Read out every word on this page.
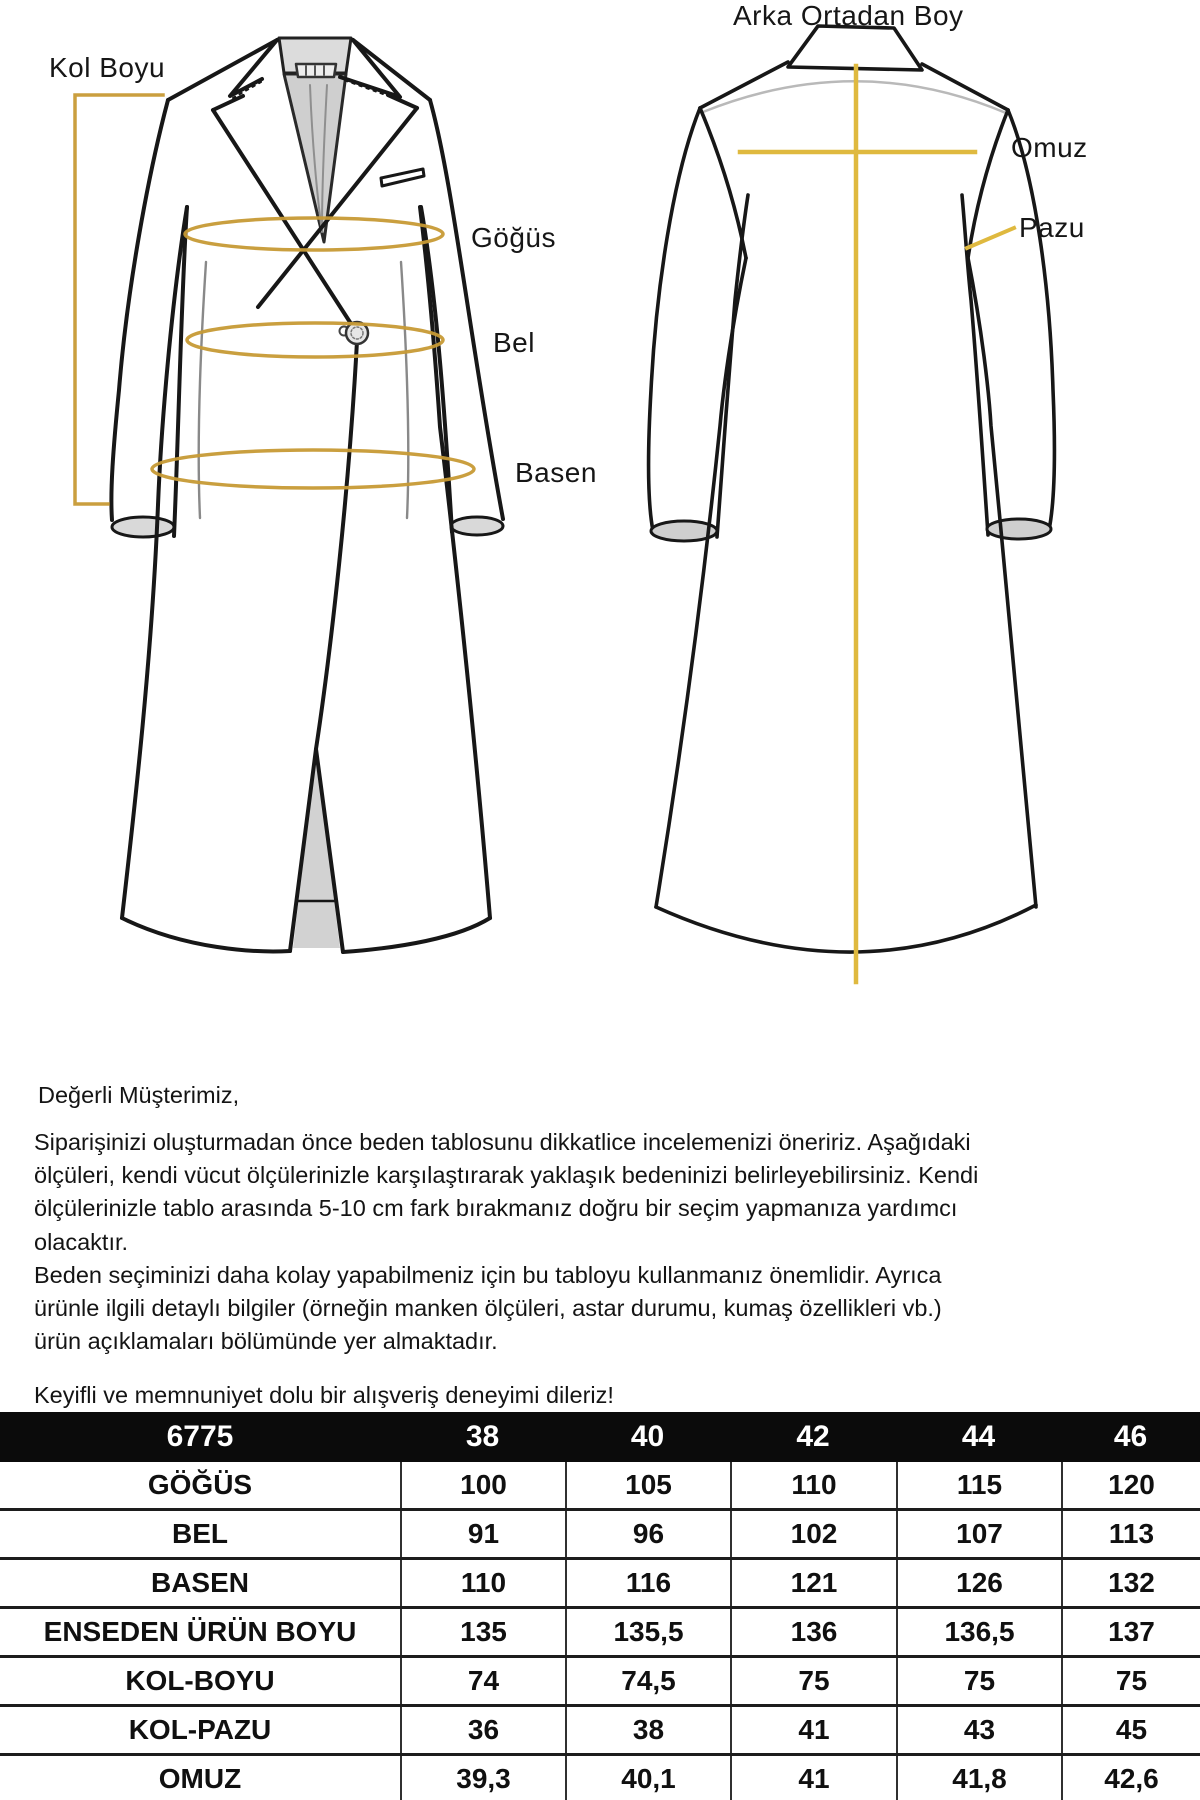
Kol Boyu
Arka Ortadan Boy
Göğüs
Bel
Basen
Omuz
Pazu
Değerli Müşterimiz,
Siparişinizi oluşturmadan önce beden tablosunu dikkatlice incelemenizi öneririz. Aşağıdaki
ölçüleri, kendi vücut ölçülerinizle karşılaştırarak yaklaşık bedeninizi belirleyebilirsiniz. Kendi
ölçülerinizle tablo arasında 5-10 cm fark bırakmanız doğru bir seçim yapmanıza yardımcı
olacaktır.
Beden seçiminizi daha kolay yapabilmeniz için bu tabloyu kullanmanız önemlidir. Ayrıca
ürünle ilgili detaylı bilgiler (örneğin manken ölçüleri, astar durumu, kumaş özellikleri vb.)
ürün açıklamaları bölümünde yer almaktadır.
Keyifli ve memnuniyet dolu bir alışveriş deneyimi dileriz!
6775	38	40	42	44	46
GÖĞÜS	100	105	110	115	120
BEL	91	96	102	107	113
BASEN	110	116	121	126	132
ENSEDEN ÜRÜN BOYU	135	135,5	136	136,5	137
KOL-BOYU	74	74,5	75	75	75
KOL-PAZU	36	38	41	43	45
OMUZ	39,3	40,1	41	41,8	42,6
